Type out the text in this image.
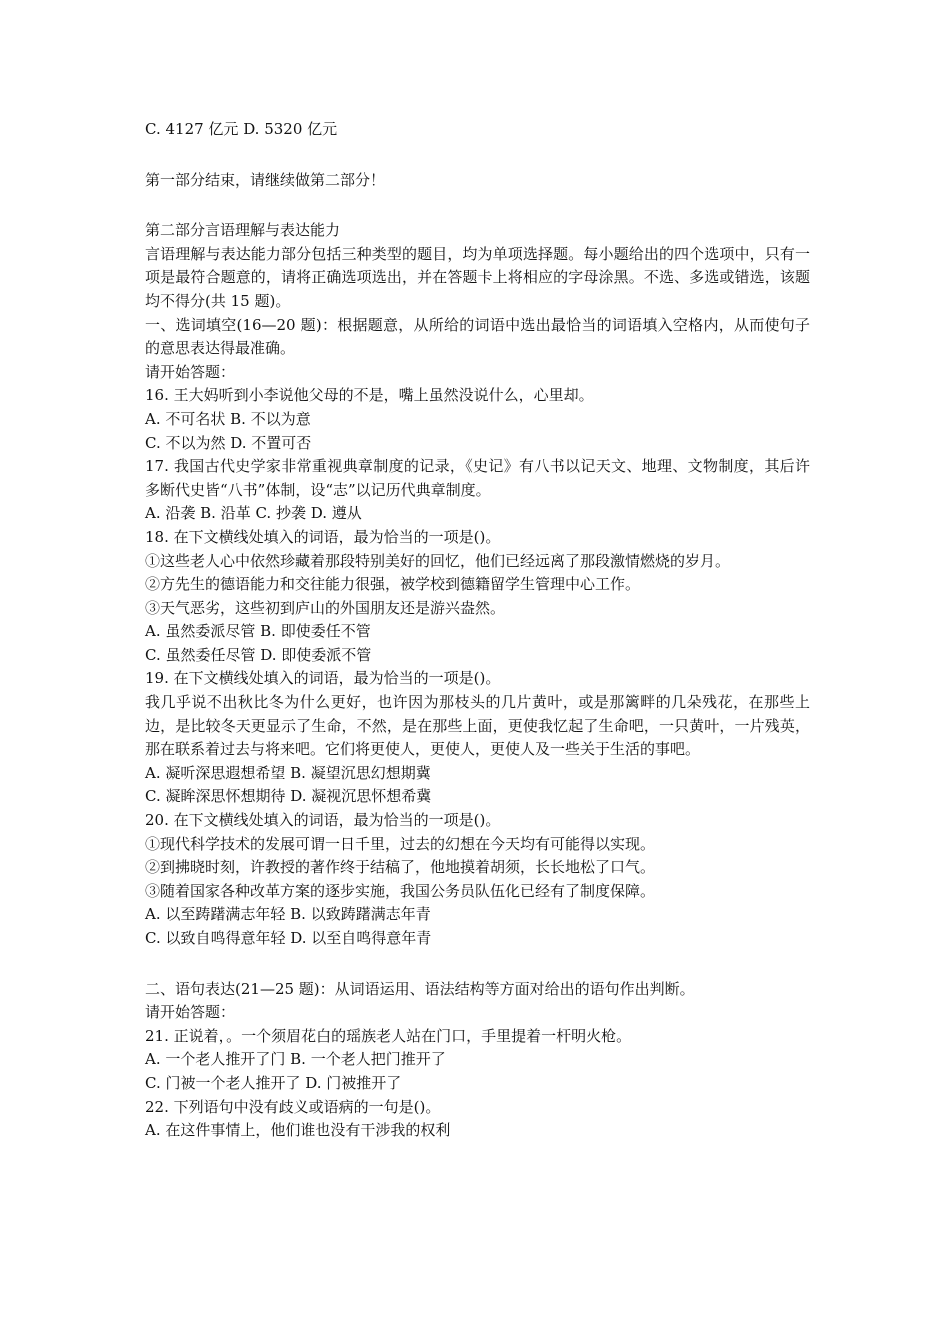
C. 4127 亿元 D. 5320 亿元
第一部分结束，请继续做第二部分！
第二部分言语理解与表达能力
言语理解与表达能力部分包括三种类型的题目，均为单项选择题。每小题给出的四个选项中，只有一项是最符合题意的，请将正确选项选出，并在答题卡上将相应的字母涂黑。不选、多选或错选，该题均不得分(共 15 题)。
一、选词填空(16—20 题)：根据题意，从所给的词语中选出最恰当的词语填入空格内，从而使句子的意思表达得最准确。
请开始答题：
16. 王大妈听到小李说他父母的不是，嘴上虽然没说什么，心里却。
A. 不可名状 B. 不以为意
C. 不以为然 D. 不置可否
17. 我国古代史学家非常重视典章制度的记录，《史记》有八书以记天文、地理、文物制度，其后许多断代史皆“八书”体制，设“志”以记历代典章制度。
A. 沿袭 B. 沿革 C. 抄袭 D. 遵从
18. 在下文横线处填入的词语，最为恰当的一项是()。
①这些老人心中依然珍藏着那段特别美好的回忆，他们已经远离了那段激情燃烧的岁月。
②方先生的德语能力和交往能力很强，被学校到德籍留学生管理中心工作。
③天气恶劣，这些初到庐山的外国朋友还是游兴盎然。
A. 虽然委派尽管 B. 即使委任不管
C. 虽然委任尽管 D. 即使委派不管
19. 在下文横线处填入的词语，最为恰当的一项是()。
我几乎说不出秋比冬为什么更好，也许因为那枝头的几片黄叶，或是那篱畔的几朵残花，在那些上边，是比较冬天更显示了生命，不然，是在那些上面，更使我忆起了生命吧，一只黄叶，一片残英，那在联系着过去与将来吧。它们将更使人，更使人，更使人及一些关于生活的事吧。
A. 凝听深思遐想希望 B. 凝望沉思幻想期冀
C. 凝眸深思怀想期待 D. 凝视沉思怀想希冀
20. 在下文横线处填入的词语，最为恰当的一项是()。
①现代科学技术的发展可谓一日千里，过去的幻想在今天均有可能得以实现。
②到拂晓时刻，许教授的著作终于结稿了，他地摸着胡须，长长地松了口气。
③随着国家各种改革方案的逐步实施，我国公务员队伍化已经有了制度保障。
A. 以至踌躇满志年轻 B. 以致踌躇满志年青
C. 以致自鸣得意年轻 D. 以至自鸣得意年青
二、语句表达(21—25 题)：从词语运用、语法结构等方面对给出的语句作出判断。
请开始答题：
21. 正说着，。一个须眉花白的瑶族老人站在门口，手里提着一杆明火枪。
A. 一个老人推开了门 B. 一个老人把门推开了
C. 门被一个老人推开了 D. 门被推开了
22. 下列语句中没有歧义或语病的一句是()。
A. 在这件事情上，他们谁也没有干涉我的权利
